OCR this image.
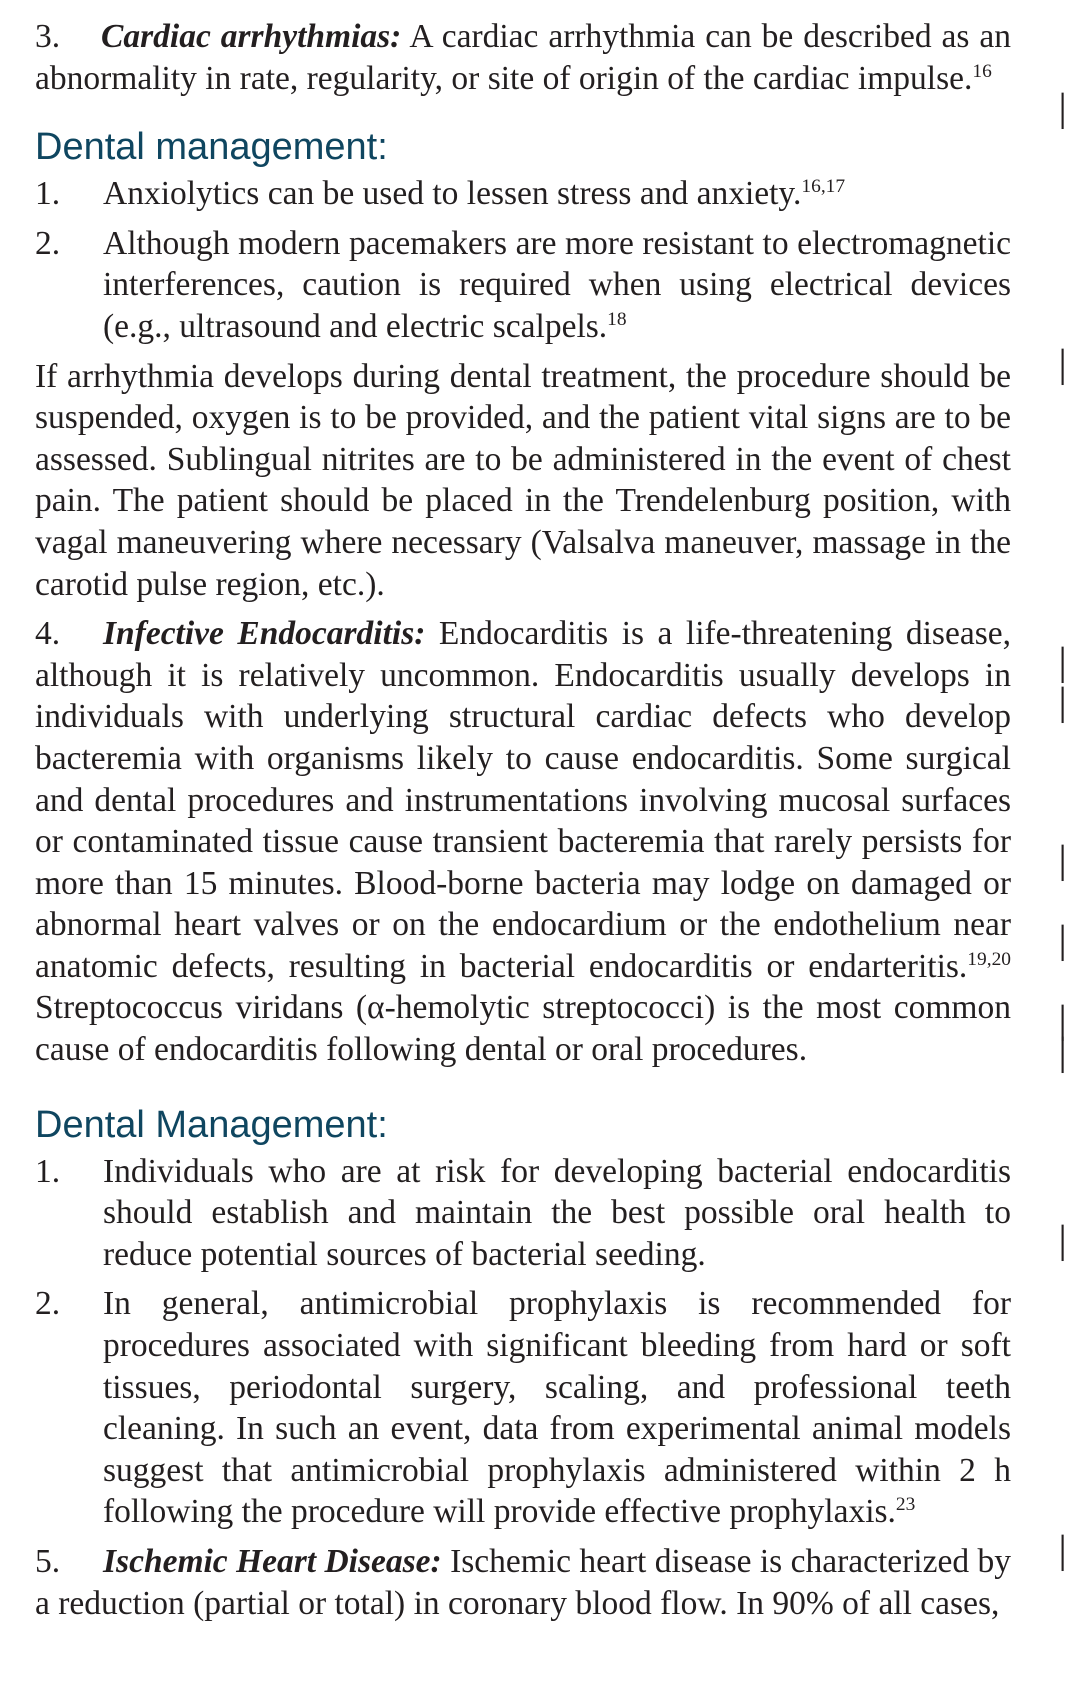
3. Cardiac arrhythmias: A cardiac arrhythmia can be described as an abnormality in rate, regularity, or site of origin of the cardiac impulse.$^{16}$

Dental management:
1.	Anxiolytics can be used to lessen stress and anxiety.$^{16,17}$
2.	Although modern pacemakers are more resistant to electromagnetic interferences, caution is required when using electrical devices (e.g., ultrasound and electric scalpels.$^{18}$

If arrhythmia develops during dental treatment, the procedure should be suspended, oxygen is to be provided, and the patient vital signs are to be assessed. Sublingual nitrites are to be administered in the event of chest pain. The patient should be placed in the Trendelenburg position, with vagal maneuvering where necessary (Valsalva maneuver, massage in the carotid pulse region, etc.).

4. Infective Endocarditis: Endocarditis is a life-threatening disease, although it is relatively uncommon. Endocarditis usually develops in individuals with underlying structural cardiac defects who develop bacteremia with organisms likely to cause endocarditis. Some surgical and dental procedures and instrumentations involving mucosal surfaces or contaminated tissue cause transient bacteremia that rarely persists for more than 15 minutes. Blood-borne bacteria may lodge on damaged or abnormal heart valves or on the endocardium or the endothelium near anatomic defects, resulting in bacterial endocarditis or endarteritis.$^{19,20}$ Streptococcus viridans (α-hemolytic streptococci) is the most common cause of endocarditis following dental or oral procedures.

Dental Management:
1.	Individuals who are at risk for developing bacterial endocarditis should establish and maintain the best possible oral health to reduce potential sources of bacterial seeding.
2.	In general, antimicrobial prophylaxis is recommended for procedures associated with significant bleeding from hard or soft tissues, periodontal surgery, scaling, and professional teeth cleaning. In such an event, data from experimental animal models suggest that antimicrobial prophylaxis administered within 2 h following the procedure will provide effective prophylaxis.$^{23}$

5. Ischemic Heart Disease: Ischemic heart disease is characterized by a reduction (partial or total) in coronary blood flow. In 90% of all cases,

│
│
│
│
│
│
│
│
│
│
